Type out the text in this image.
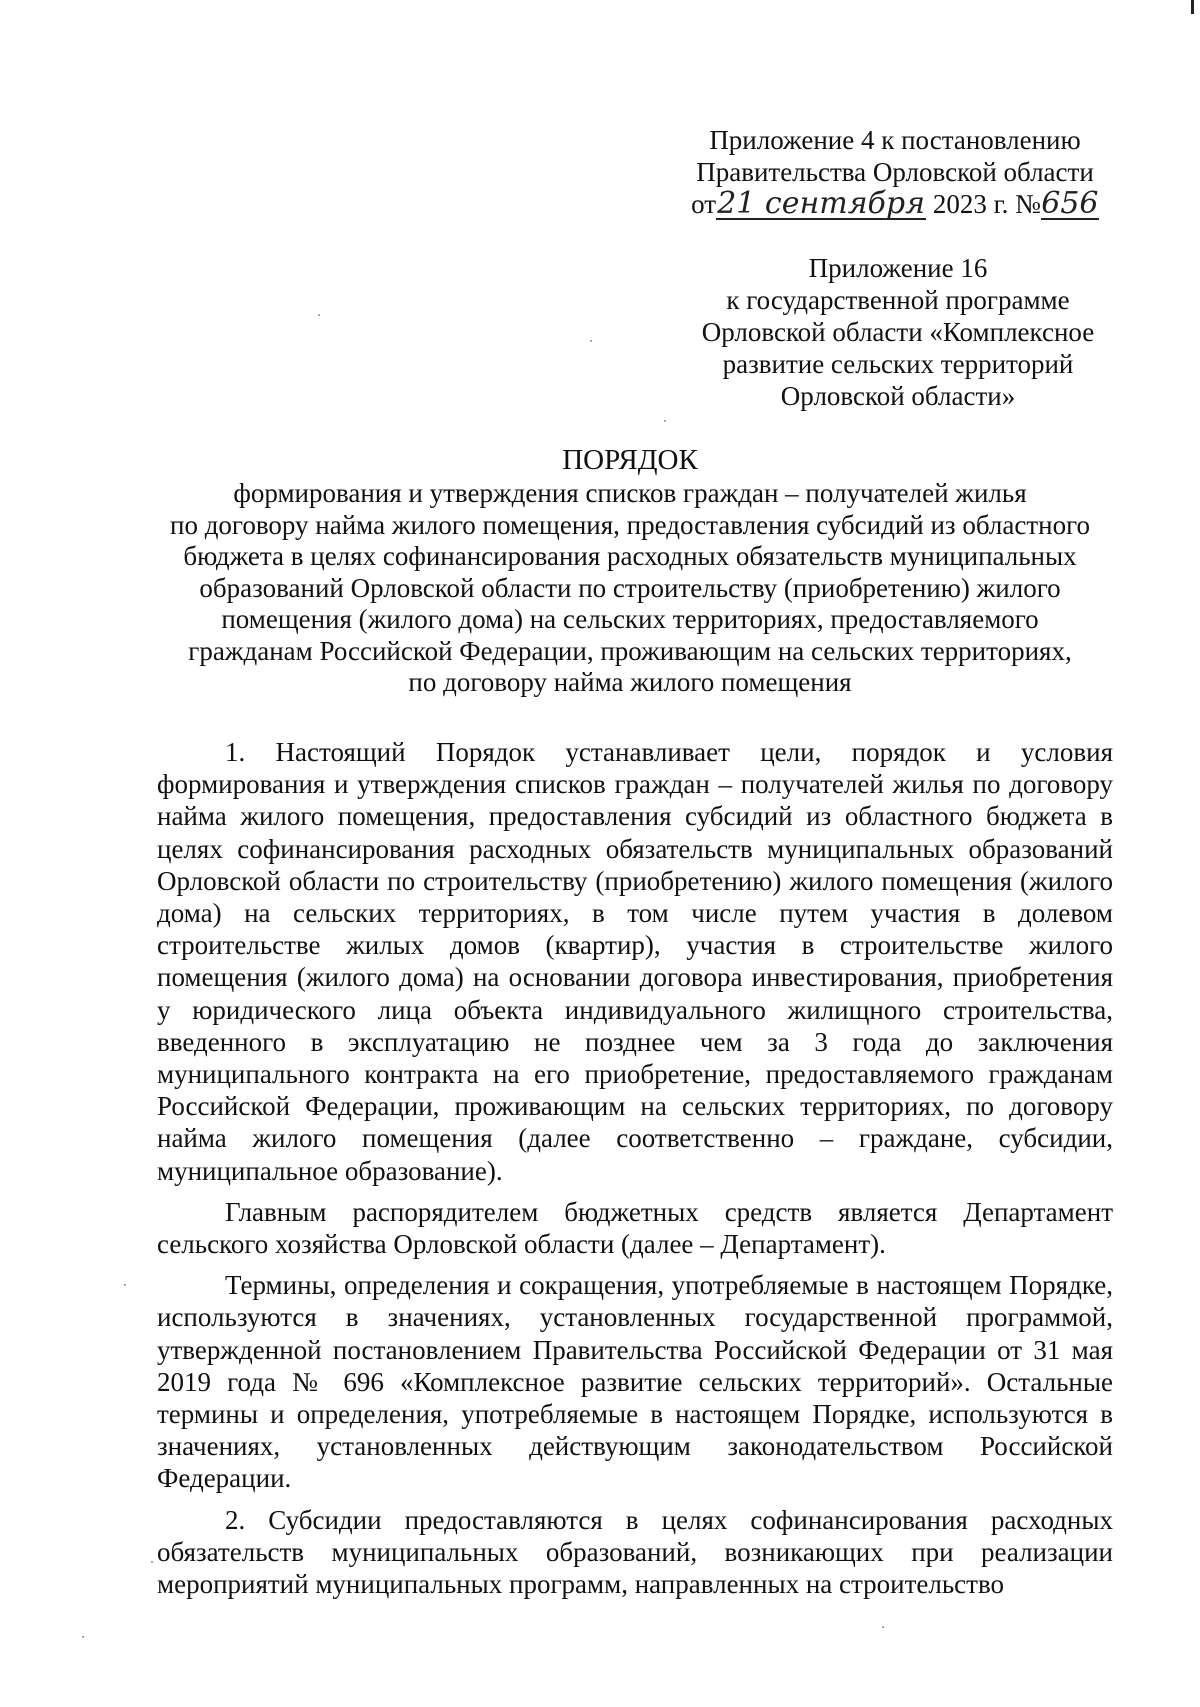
Приложение 4 к постановлению
Правительства Орловской области
от21 сентября 2023 г. №656
Приложение 16
к государственной программе
Орловской области «Комплексное
развитие сельских территорий
Орловской области»
ПОРЯДОК
формирования и утверждения списков граждан – получателей жилья
по договору найма жилого помещения, предоставления субсидий из областного
бюджета в целях софинансирования расходных обязательств муниципальных
образований Орловской области по строительству (приобретению) жилого
помещения (жилого дома) на сельских территориях, предоставляемого
гражданам Российской Федерации, проживающим на сельских территориях,
по договору найма жилого помещения

1. Настоящий Порядок устанавливает цели, порядок и условия формирования и утверждения списков граждан – получателей жилья по договору найма жилого помещения, предоставления субсидий из областного бюджета в целях софинансирования расходных обязательств муниципальных образований Орловской области по строительству (приобретению) жилого помещения (жилого дома) на сельских территориях, в том числе путем участия в долевом строительстве жилых домов (квартир), участия в строительстве жилого помещения (жилого дома) на основании договора инвестирования, приобретения у юридического лица объекта индивидуального жилищного строительства, введенного в эксплуатацию не позднее чем за 3 года до заключения муниципального контракта на его приобретение, предоставляемого гражданам Российской Федерации, проживающим на сельских территориях, по договору найма жилого помещения (далее соответственно – граждане, субсидии, муниципальное образование).

Главным распорядителем бюджетных средств является Департамент сельского хозяйства Орловской области (далее – Департамент).

Термины, определения и сокращения, употребляемые в настоящем Порядке, используются в значениях, установленных государственной программой, утвержденной постановлением Правительства Российской Федерации от 31 мая 2019 года № 696 «Комплексное развитие сельских территорий». Остальные термины и определения, употребляемые в настоящем Порядке, используются в значениях, установленных действующим законодательством Российской Федерации.

2. Субсидии предоставляются в целях софинансирования расходных обязательств муниципальных образований, возникающих при реализации мероприятий муниципальных программ, направленных на строительство
